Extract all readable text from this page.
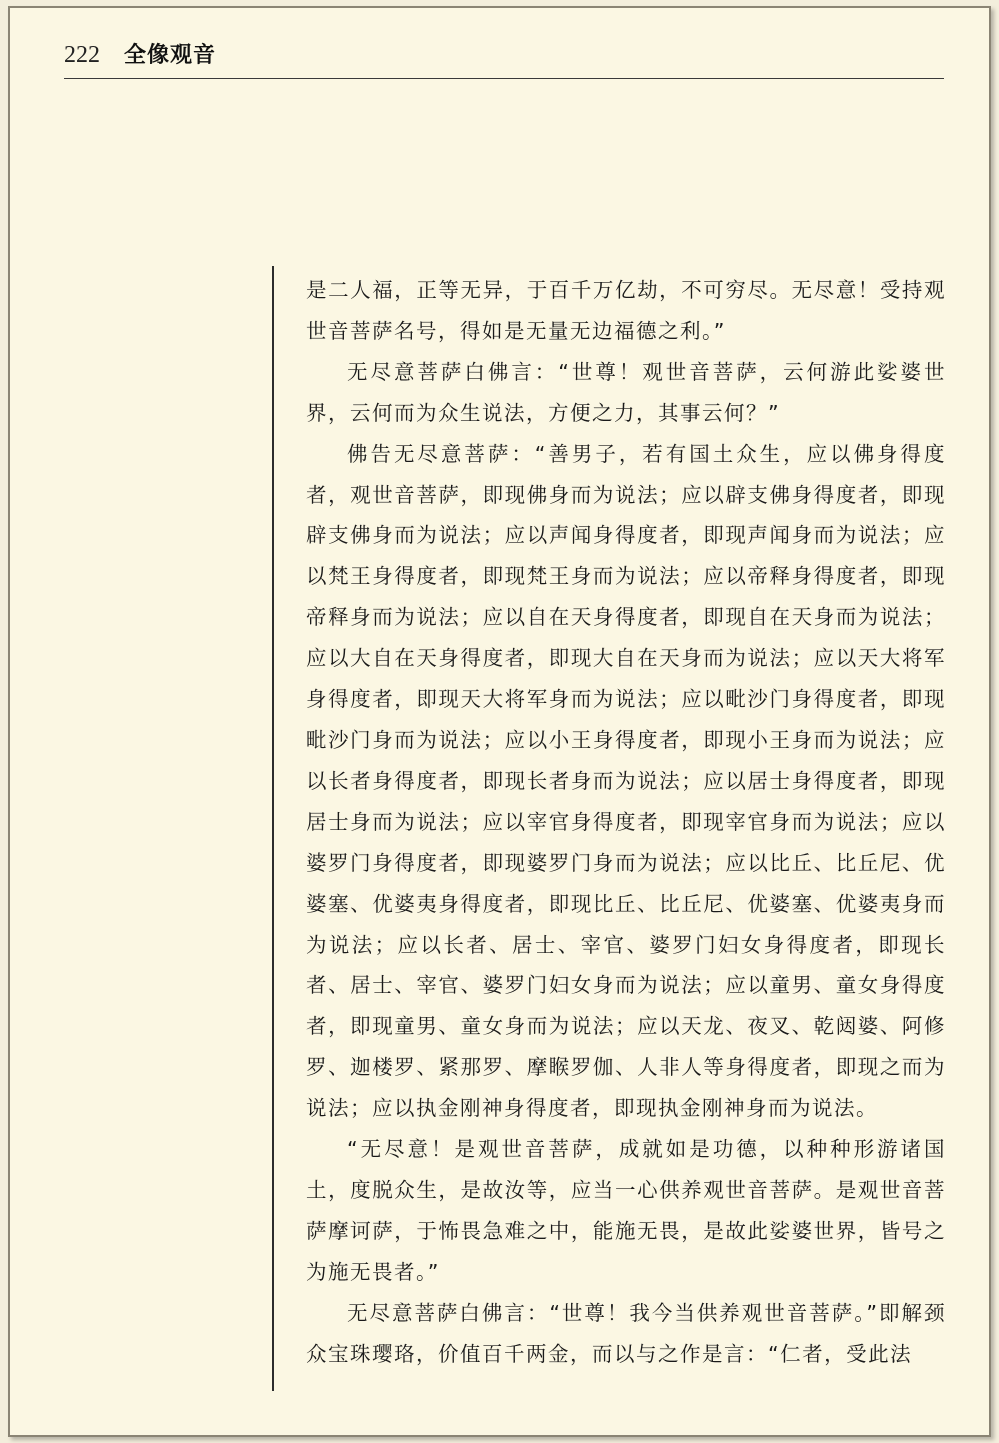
222 全像观音

是二人福，正等无异，于百千万亿劫，不可穷尽。无尽意！受持观世音菩萨名号，得如是无量无边福德之利。”

无尽意菩萨白佛言：“世尊！观世音菩萨，云何游此娑婆世界，云何而为众生说法，方便之力，其事云何？”

佛告无尽意菩萨：“善男子，若有国土众生，应以佛身得度者，观世音菩萨，即现佛身而为说法；应以辟支佛身得度者，即现辟支佛身而为说法；应以声闻身得度者，即现声闻身而为说法；应以梵王身得度者，即现梵王身而为说法；应以帝释身得度者，即现帝释身而为说法；应以自在天身得度者，即现自在天身而为说法；应以大自在天身得度者，即现大自在天身而为说法；应以天大将军身得度者，即现天大将军身而为说法；应以毗沙门身得度者，即现毗沙门身而为说法；应以小王身得度者，即现小王身而为说法；应以长者身得度者，即现长者身而为说法；应以居士身得度者，即现居士身而为说法；应以宰官身得度者，即现宰官身而为说法；应以婆罗门身得度者，即现婆罗门身而为说法；应以比丘、比丘尼、优婆塞、优婆夷身得度者，即现比丘、比丘尼、优婆塞、优婆夷身而为说法；应以长者、居士、宰官、婆罗门妇女身得度者，即现长者、居士、宰官、婆罗门妇女身而为说法；应以童男、童女身得度者，即现童男、童女身而为说法；应以天龙、夜叉、乾闼婆、阿修罗、迦楼罗、紧那罗、摩睺罗伽、人非人等身得度者，即现之而为说法；应以执金刚神身得度者，即现执金刚神身而为说法。

“无尽意！是观世音菩萨，成就如是功德，以种种形游诸国土，度脱众生，是故汝等，应当一心供养观世音菩萨。是观世音菩萨摩诃萨，于怖畏急难之中，能施无畏，是故此娑婆世界，皆号之为施无畏者。”

无尽意菩萨白佛言：“世尊！我今当供养观世音菩萨。”即解颈众宝珠璎珞，价值百千两金，而以与之作是言：“仁者，受此法
